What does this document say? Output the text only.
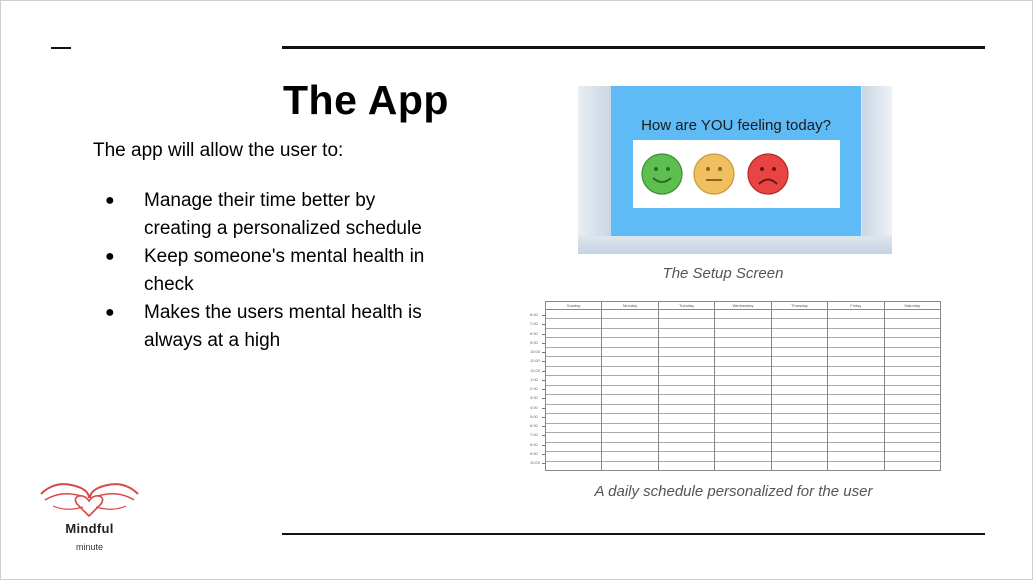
The App
The app will allow the user to:
● Manage their time better by creating a personalized schedule
● Keep someone's mental health in check
● Makes the users mental health is always at a high
How are YOU feeling today?
The Setup Screen
6:00
7:00
8:00
9:00
10:00
11:00
12:00
1:00
2:00
3:00
4:00
5:00
6:00
7:00
8:00
9:00
10:00
Sunday	Monday	Tuesday	Wednesday	Thursday	Friday	Saturday

A daily schedule personalized for the user
Mindful
minute
